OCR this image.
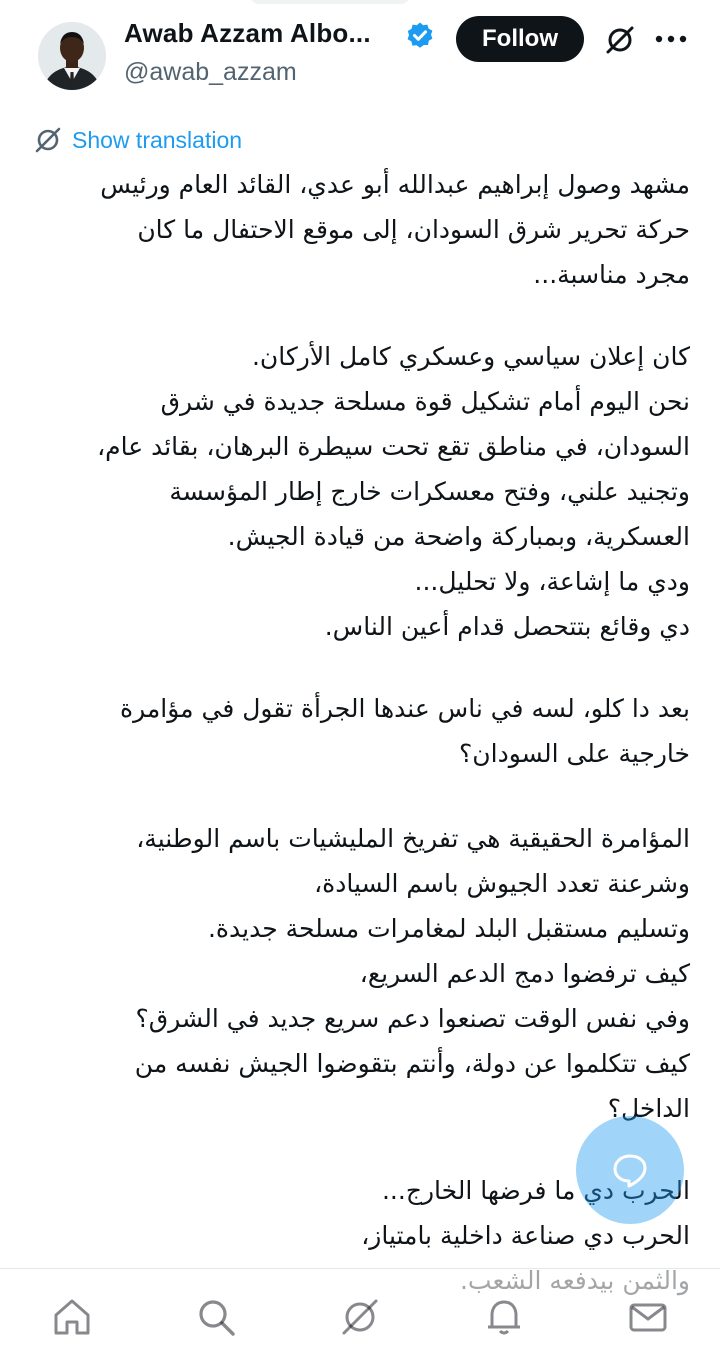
Awab Azzam Albo...
@awab_azzam
Follow
Show translation
مشهد وصول إبراهيم عبدالله أبو عدي، القائد العام ورئيس
حركة تحرير شرق السودان، إلى موقع الاحتفال ما كان
مجرد مناسبة...
كان إعلان سياسي وعسكري كامل الأركان.
نحن اليوم أمام تشكيل قوة مسلحة جديدة في شرق
السودان، في مناطق تقع تحت سيطرة البرهان، بقائد عام،
وتجنيد علني، وفتح معسكرات خارج إطار المؤسسة
العسكرية، وبمباركة واضحة من قيادة الجيش.
ودي ما إشاعة، ولا تحليل...
دي وقائع بتتحصل قدام أعين الناس.
بعد دا كلو، لسه في ناس عندها الجرأة تقول في مؤامرة
خارجية على السودان؟
المؤامرة الحقيقية هي تفريخ المليشيات باسم الوطنية،
وشرعنة تعدد الجيوش باسم السيادة،
وتسليم مستقبل البلد لمغامرات مسلحة جديدة.
كيف ترفضوا دمج الدعم السريع،
وفي نفس الوقت تصنعوا دعم سريع جديد في الشرق؟
كيف تتكلموا عن دولة، وأنتم بتقوضوا الجيش نفسه من
الداخل؟
الحرب دي ما فرضها الخارج...
الحرب دي صناعة داخلية بامتياز،
